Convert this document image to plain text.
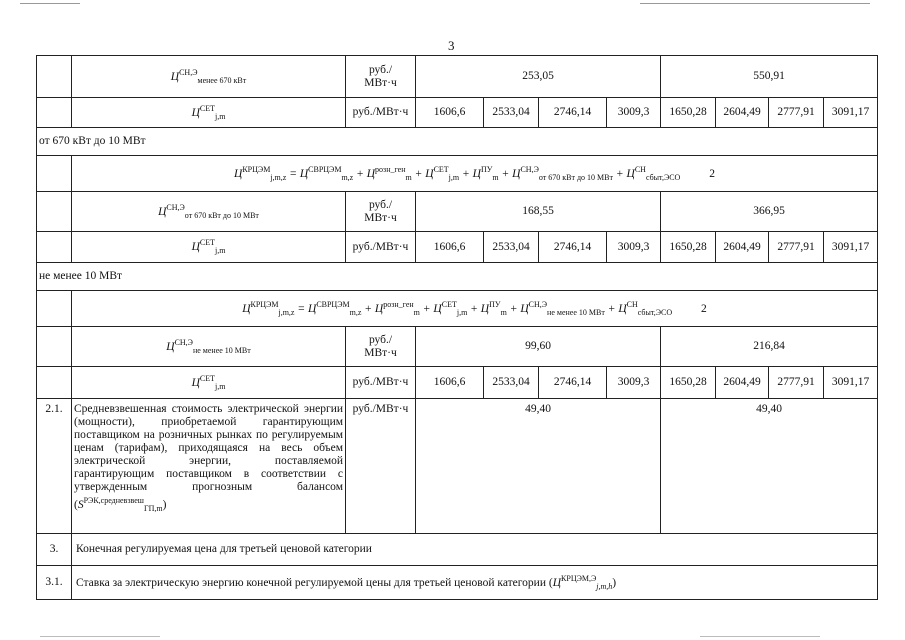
3
	$Ц^{СН,Э}_{менее 670 кВт}$	руб./
МВт·ч	253,05				550,91			
	$Ц^{СЕТ}_{j,m}$	руб./МВт·ч	1606,6	2533,04	2746,14	3009,3	1650,28	2604,49	2777,91	3091,17
от 670 кВт до 10 МВт										
	$Ц^{КРЦЭМ}_{j,m,z} = Ц^{СВРЦЭМ}_{m,z} + Ц^{розн\_ген}_m + Ц^{СЕТ}_{j,m} + Ц^{ПУ}_m + Ц^{СН,Э}_{от 670 кВт до 10 МВт} + Ц^{СН}_{сбыт,ЭСО}$ 2									
	$Ц^{СН,Э}_{от 670 кВт до 10 МВт}$	руб./
МВт·ч	168,55				366,95			
	$Ц^{СЕТ}_{j,m}$	руб./МВт·ч	1606,6	2533,04	2746,14	3009,3	1650,28	2604,49	2777,91	3091,17
не менее 10 МВт										
	$Ц^{КРЦЭМ}_{j,m,z} = Ц^{СВРЦЭМ}_{m,z} + Ц^{розн\_ген}_m + Ц^{СЕТ}_{j,m} + Ц^{ПУ}_m + Ц^{СН,Э}_{не менее 10 МВт} + Ц^{СН}_{сбыт,ЭСО}$ 2									
	$Ц^{СН,Э}_{не менее 10 МВт}$	руб./
МВт·ч	99,60				216,84			
	$Ц^{СЕТ}_{j,m}$	руб./МВт·ч	1606,6	2533,04	2746,14	3009,3	1650,28	2604,49	2777,91	3091,17
2.1.	Средневзвешенная стоимость электрической энергии (мощности), приобретаемой гарантирующим поставщиком на розничных рынках по регулируемым ценам (тарифам), приходящаяся на весь объем электрической энергии, поставляемой гарантирующим поставщиком в соответствии с утвержденным прогнозным балансом $(S^{РЭК,средневзвеш}_{ГП,m})$	руб./МВт·ч	49,40				49,40			
3.	Конечная регулируемая цена для третьей ценовой категории									
3.1.	Ставка за электрическую энергию конечной регулируемой цены для третьей ценовой категории $(Ц^{КРЦЭМ,Э}_{j,m,h})$									
